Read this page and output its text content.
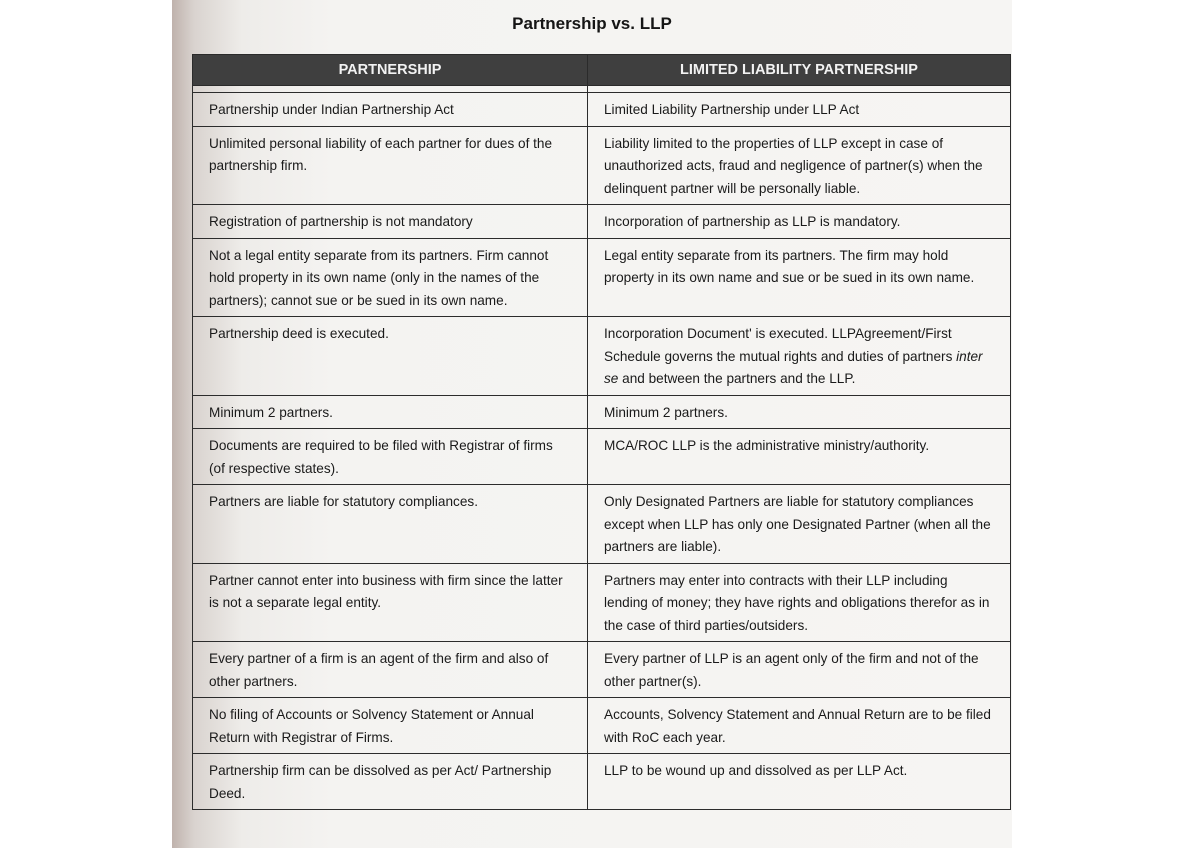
Partnership vs. LLP
PARTNERSHIP	LIMITED LIABILITY PARTNERSHIP

Partnership under Indian Partnership Act	Limited Liability Partnership under LLP Act
Unlimited personal liability of each partner for dues of the partnership firm.	Liability limited to the properties of LLP except in case of unauthorized acts, fraud and negligence of partner(s) when the delinquent partner will be personally liable.
Registration of partnership is not mandatory	Incorporation of partnership as LLP is mandatory.
Not a legal entity separate from its partners. Firm cannot hold property in its own name (only in the names of the partners); cannot sue or be sued in its own name.	Legal entity separate from its partners. The firm may hold property in its own name and sue or be sued in its own name.
Partnership deed is executed.	Incorporation Document' is executed. LLPAgreement/First Schedule governs the mutual rights and duties of partners inter se and between the partners and the LLP.
Minimum 2 partners.	Minimum 2 partners.
Documents are required to be filed with Registrar of firms (of respective states).	MCA/ROC LLP is the administrative ministry/authority.
Partners are liable for statutory compliances.	Only Designated Partners are liable for statutory compliances except when LLP has only one Designated Partner (when all the partners are liable).
Partner cannot enter into business with firm since the latter is not a separate legal entity.	Partners may enter into contracts with their LLP including lending of money; they have rights and obligations therefor as in the case of third parties/outsiders.
Every partner of a firm is an agent of the firm and also of other partners.	Every partner of LLP is an agent only of the firm and not of the other partner(s).
No filing of Accounts or Solvency Statement or Annual Return with Registrar of Firms.	Accounts, Solvency Statement and Annual Return are to be filed with RoC each year.
Partnership firm can be dissolved as per Act/ Partnership Deed.	LLP to be wound up and dissolved as per LLP Act.
